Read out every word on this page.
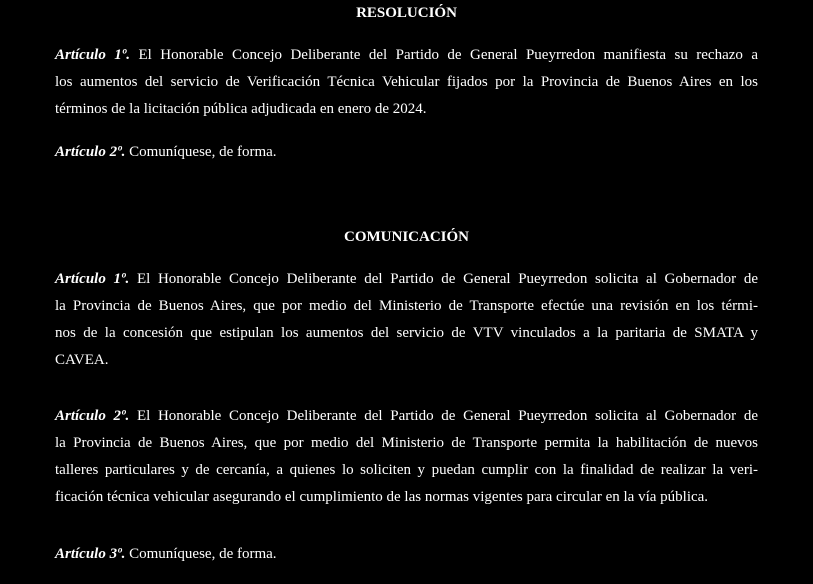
RESOLUCIÓN

Artículo 1º. El Honorable Concejo Deliberante del Partido de General Pueyrredon manifiesta su rechazo a
los aumentos del servicio de Verificación Técnica Vehicular fijados por la Provincia de Buenos Aires en los
términos de la licitación pública adjudicada en enero de 2024.

Artículo 2º. Comuníquese, de forma.

COMUNICACIÓN

Artículo 1º. El Honorable Concejo Deliberante del Partido de General Pueyrredon solicita al Gobernador de
la Provincia de Buenos Aires, que por medio del Ministerio de Transporte efectúe una revisión en los térmi-
nos de la concesión que estipulan los aumentos del servicio de VTV vinculados a la paritaria de SMATA y
CAVEA.

Artículo 2º. El Honorable Concejo Deliberante del Partido de General Pueyrredon solicita al Gobernador de
la Provincia de Buenos Aires, que por medio del Ministerio de Transporte permita la habilitación de nuevos
talleres particulares y de cercanía, a quienes lo soliciten y puedan cumplir con la finalidad de realizar la veri-
ficación técnica vehicular asegurando el cumplimiento de las normas vigentes para circular en la vía pública.

Artículo 3º. Comuníquese, de forma.
